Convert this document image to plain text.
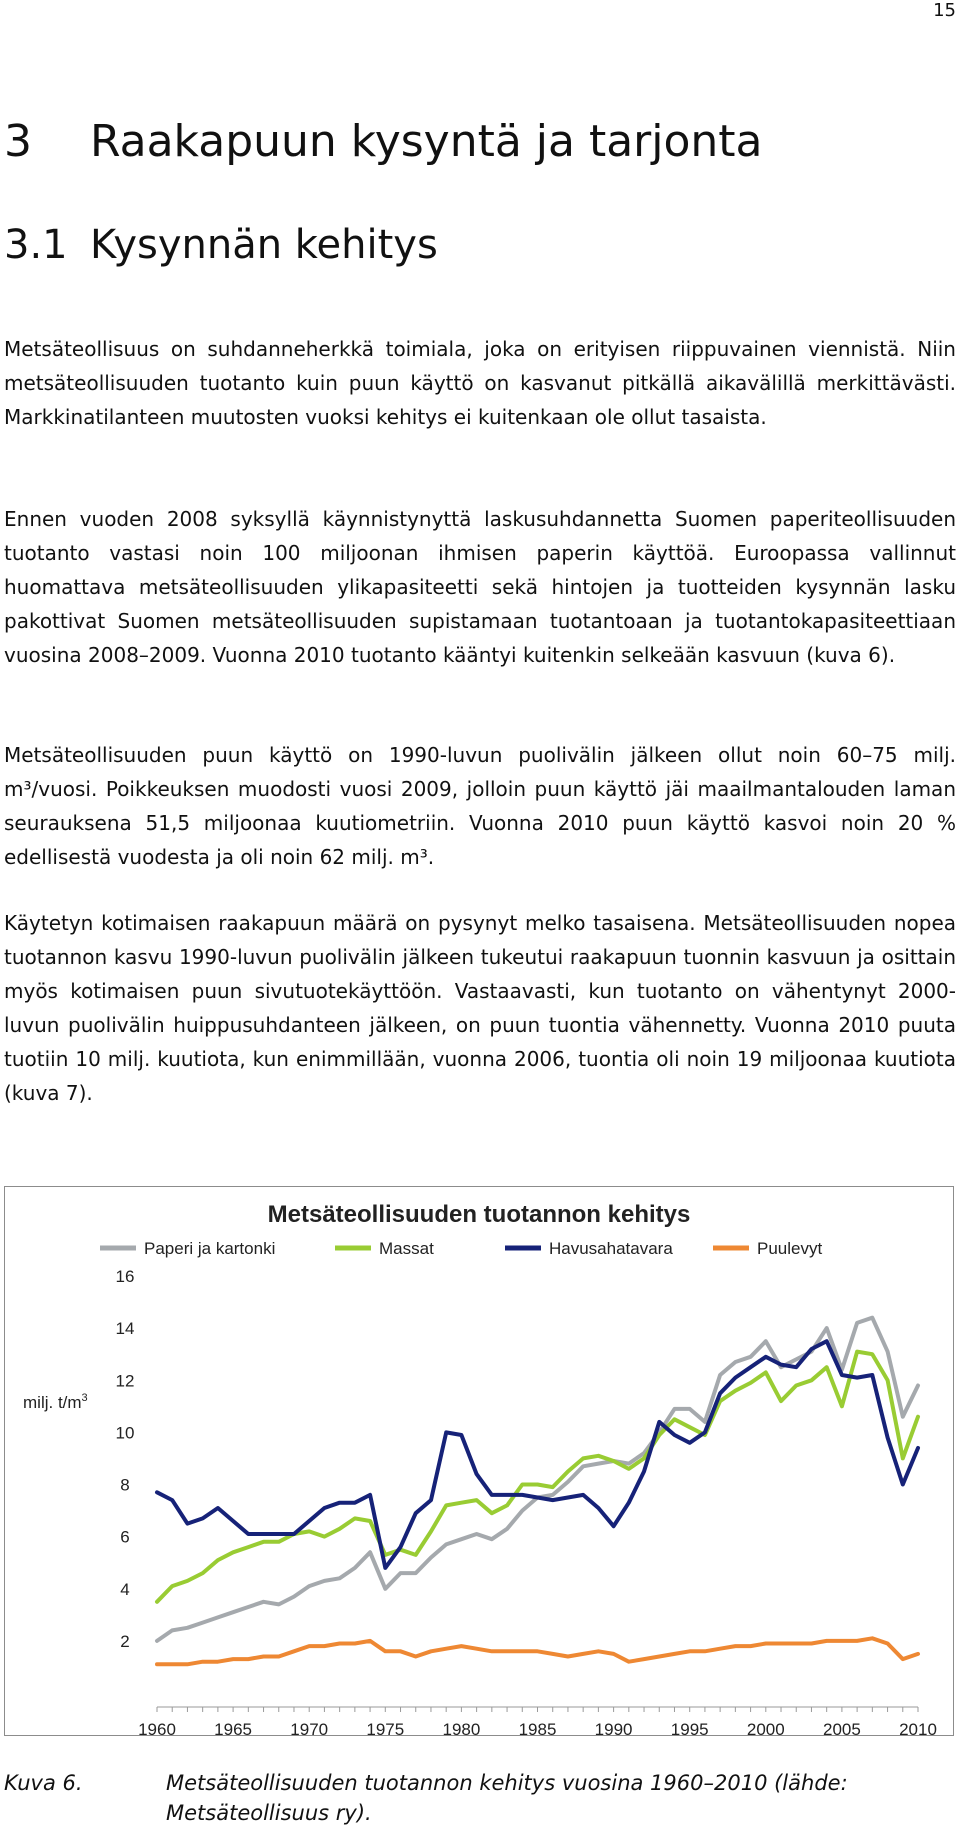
15
3 Raakapuun kysyntä ja tarjonta
3.1 Kysynnän kehitys

Metsäteollisuus on suhdanneherkkä toimiala, joka on erityisen riippuvainen viennistä. Niin metsäteollisuuden tuotanto kuin puun käyttö on kasvanut pitkällä aikavälillä merkittävästi. Markkinatilanteen muutosten vuoksi kehitys ei kuitenkaan ole ollut tasaista.

Ennen vuoden 2008 syksyllä käynnistynyttä laskusuhdannetta Suomen paperiteollisuuden tuotanto vastasi noin 100 miljoonan ihmisen paperin käyttöä. Euroopassa vallinnut huomattava metsäteollisuuden ylikapasiteetti sekä hintojen ja tuotteiden kysynnän lasku pakottivat Suomen metsäteollisuuden supistamaan tuotantoaan ja tuotantokapasiteettiaan vuosina 2008–2009. Vuonna 2010 tuotanto kääntyi kuitenkin selkeään kasvuun (kuva 6).

Metsäteollisuuden puun käyttö on 1990-luvun puolivälin jälkeen ollut noin 60–75 milj. m³/vuosi. Poikkeuksen muodosti vuosi 2009, jolloin puun käyttö jäi maailmantalouden laman seurauksena 51,5 miljoonaa kuutiometriin. Vuonna 2010 puun käyttö kasvoi noin 20 % edellisestä vuodesta ja oli noin 62 milj. m³.

Käytetyn kotimaisen raakapuun määrä on pysynyt melko tasaisena. Metsäteollisuuden nopea tuotannon kasvu 1990-luvun puolivälin jälkeen tukeutui raakapuun tuonnin kasvuun ja osittain myös kotimaisen puun sivutuotekäyttöön. Vastaavasti, kun tuotanto on vähentynyt 2000-luvun puolivälin huippusuhdanteen jälkeen, on puun tuontia vähennetty. Vuonna 2010 puuta tuotiin 10 milj. kuutiota, kun enimmillään, vuonna 2006, tuontia oli noin 19 miljoonaa kuutiota (kuva 7).

Metsäteollisuuden tuotannon kehitys
Paperi ja kartonki	Massat	Havusahatavara	Puulevyt
milj. $t/m^3$
2
4
6
8
10
12
14
16
1960 1965 1970 1975 1980 1985 1990 1995 2000 2005 2010
Kuva 6.	Metsäteollisuuden tuotannon kehitys vuosina 1960–2010 (lähde: Metsäteollisuus ry).
